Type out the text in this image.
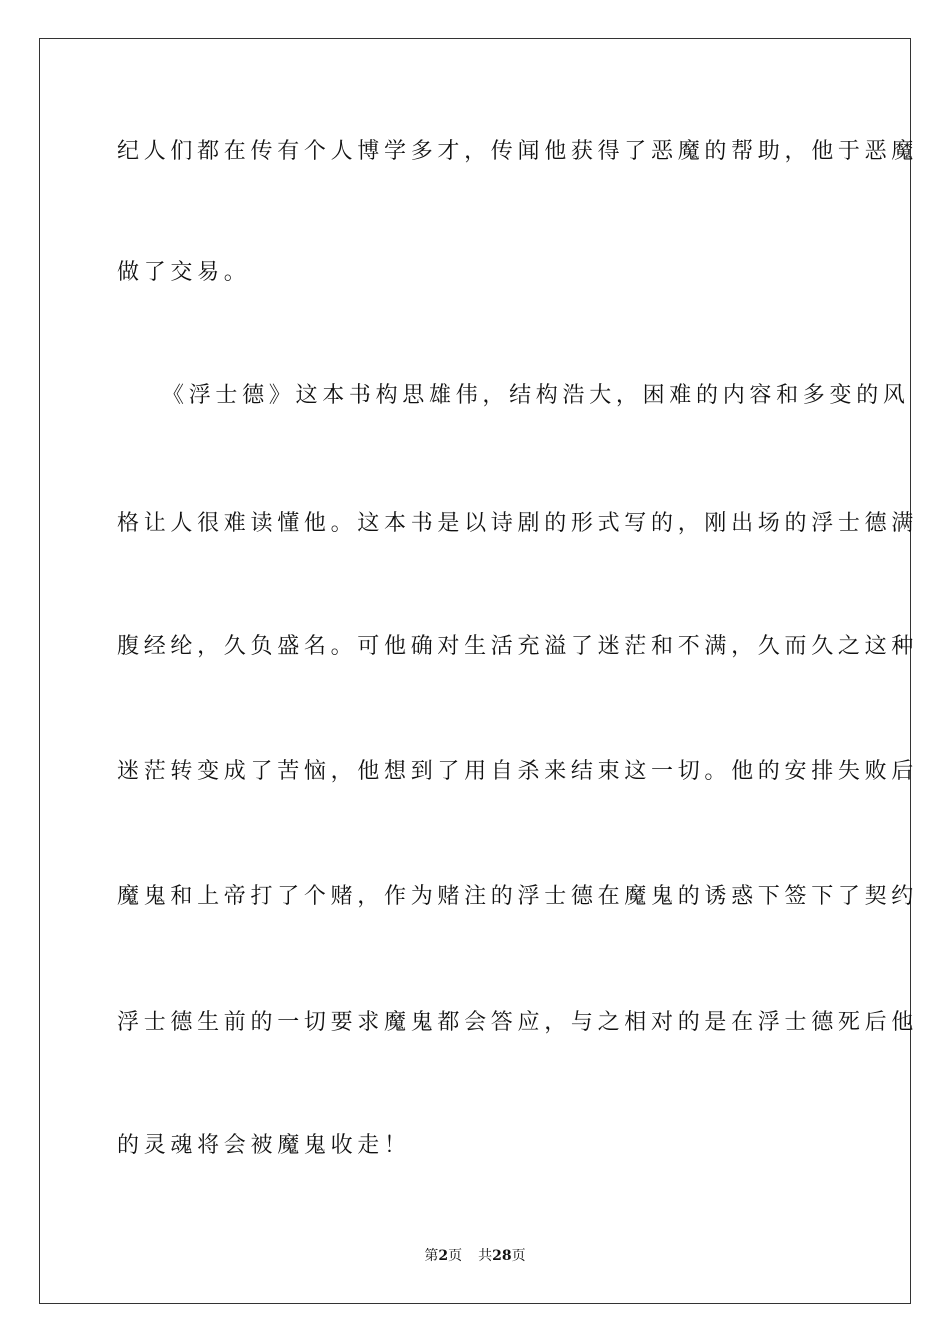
纪人们都在传有个人博学多才，传闻他获得了恶魔的帮助，他于恶魔
做了交易。
《浮士德》这本书构思雄伟，结构浩大，困难的内容和多变的风
格让人很难读懂他。这本书是以诗剧的形式写的，刚出场的浮士德满
腹经纶，久负盛名。可他确对生活充溢了迷茫和不满，久而久之这种
迷茫转变成了苦恼，他想到了用自杀来结束这一切。他的安排失败后
魔鬼和上帝打了个赌，作为赌注的浮士德在魔鬼的诱惑下签下了契约
浮士德生前的一切要求魔鬼都会答应，与之相对的是在浮士德死后他
的灵魂将会被魔鬼收走！
第2页 共28页
